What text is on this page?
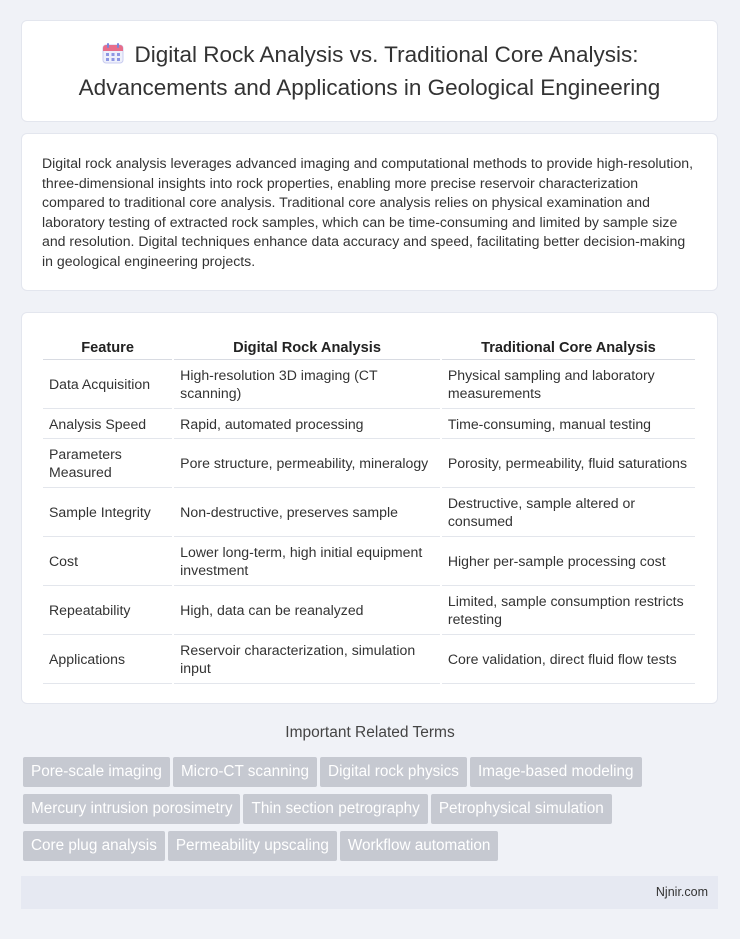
Digital Rock Analysis vs. Traditional Core Analysis:
Advancements and Applications in Geological Engineering

Digital rock analysis leverages advanced imaging and computational methods to provide high-resolution, three-dimensional insights into rock properties, enabling more precise reservoir characterization compared to traditional core analysis. Traditional core analysis relies on physical examination and laboratory testing of extracted rock samples, which can be time-consuming and limited by sample size and resolution. Digital techniques enhance data accuracy and speed, facilitating better decision-making in geological engineering projects.

Feature	Digital Rock Analysis	Traditional Core Analysis
Data Acquisition	High-resolution 3D imaging (CT scanning)	Physical sampling and laboratory measurements
Analysis Speed	Rapid, automated processing	Time-consuming, manual testing
Parameters Measured	Pore structure, permeability, mineralogy	Porosity, permeability, fluid saturations
Sample Integrity	Non-destructive, preserves sample	Destructive, sample altered or consumed
Cost	Lower long-term, high initial equipment investment	Higher per-sample processing cost
Repeatability	High, data can be reanalyzed	Limited, sample consumption restricts retesting
Applications	Reservoir characterization, simulation input	Core validation, direct fluid flow tests
Important Related Terms
Pore-scale imaging Micro-CT scanning Digital rock physics Image-based modeling
Mercury intrusion porosimetry Thin section petrography Petrophysical simulation
Core plug analysis Permeability upscaling Workflow automation
Njnir.com
